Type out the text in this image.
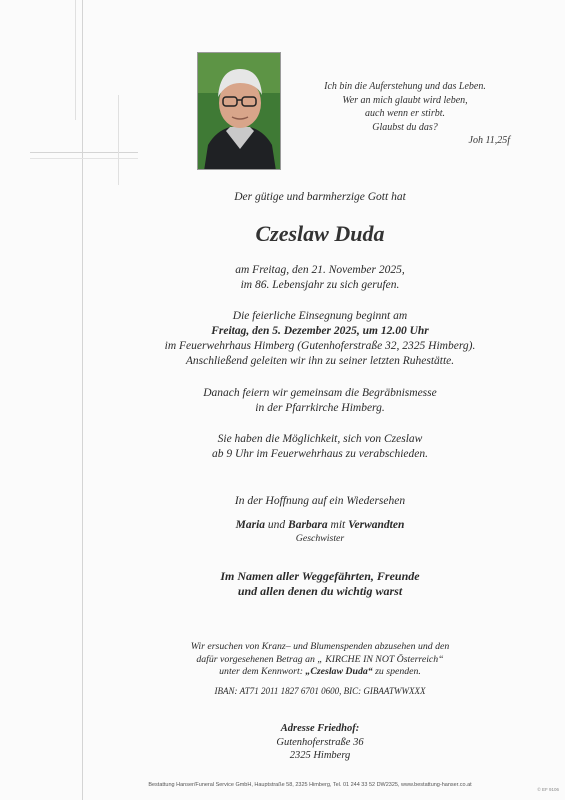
Ich bin die Auferstehung und das Leben.
Wer an mich glaubt wird leben,
auch wenn er stirbt.
Glaubst du das?
Joh 11,25f
Der gütige und barmherzige Gott hat
Czeslaw Duda
am Freitag, den 21. November 2025,
im 86. Lebensjahr zu sich gerufen.
Die feierliche Einsegnung beginnt am
Freitag, den 5. Dezember 2025, um 12.00 Uhr
im Feuerwehrhaus Himberg (Gutenhoferstraße 32, 2325 Himberg).
Anschließend geleiten wir ihn zu seiner letzten Ruhestätte.
Danach feiern wir gemeinsam die Begräbnismesse
in der Pfarrkirche Himberg.
Sie haben die Möglichkeit, sich von Czeslaw
ab 9 Uhr im Feuerwehrhaus zu verabschieden.
In der Hoffnung auf ein Wiedersehen
Maria und Barbara mit Verwandten
Geschwister
Im Namen aller Weggefährten, Freunde
und allen denen du wichtig warst
Wir ersuchen von Kranz– und Blumenspenden abzusehen und den
dafür vorgesehenen Betrag an „ KIRCHE IN NOT Österreich“
unter dem Kennwort: „Czeslaw Duda“ zu spenden.
IBAN: AT71 2011 1827 6701 0600, BIC: GIBAATWWXXX
Adresse Friedhof:
Gutenhoferstraße 36
2325 Himberg
Bestattung Hanser/Funeral Service GmbH, Hauptstraße 58, 2325 Himberg, Tel. 01 244 33 52 DW2325, www.bestattung-hanser.co.at
© EF 9106
